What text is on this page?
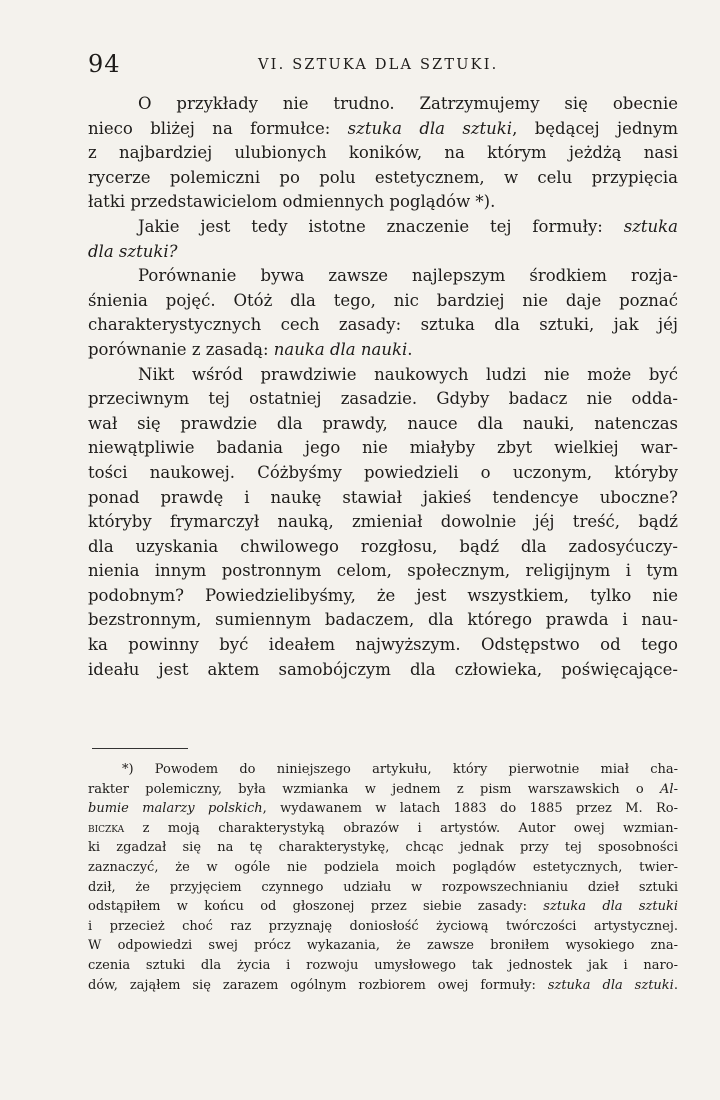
94	VI. SZTUKA DLA SZTUKI.
O przykłady nie trudno. Zatrzymujemy się obecnie
nieco bliżej na formułce: sztuka dla sztuki, będącej jednym
z najbardziej ulubionych koników, na którym jeżdżą nasi
rycerze polemiczni po polu estetycznem, w celu przypięcia
łatki przedstawicielom odmiennych poglądów *).
Jakie jest tedy istotne znaczenie tej formuły: sztuka
dla sztuki?
Porównanie bywa zawsze najlepszym środkiem rozja-
śnienia pojęć. Otóż dla tego, nic bardziej nie daje poznać
charakterystycznych cech zasady: sztuka dla sztuki, jak jéj
porównanie z zasadą: nauka dla nauki.
Nikt wśród prawdziwie naukowych ludzi nie może być
przeciwnym tej ostatniej zasadzie. Gdyby badacz nie odda-
wał się prawdzie dla prawdy, nauce dla nauki, natenczas
niewątpliwie badania jego nie miałyby zbyt wielkiej war-
tości naukowej. Cóżbyśmy powiedzieli o uczonym, któryby
ponad prawdę i naukę stawiał jakieś tendencye uboczne?
któryby frymarczył nauką, zmieniał dowolnie jéj treść, bądź
dla uzyskania chwilowego rozgłosu, bądź dla zadosyćuczy-
nienia innym postronnym celom, społecznym, religijnym i tym
podobnym? Powiedzielibyśmy, że jest wszystkiem, tylko nie
bezstronnym, sumiennym badaczem, dla którego prawda i nau-
ka powinny być ideałem najwyższym. Odstępstwo od tego
ideału jest aktem samobójczym dla człowieka, poświęcające-
*) Powodem do niniejszego artykułu, który pierwotnie miał cha-
rakter polemiczny, była wzmianka w jednem z pism warszawskich o Al-
bumie malarzy polskich, wydawanem w latach 1883 do 1885 przez M. Ro-
biczka z moją charakterystyką obrazów i artystów. Autor owej wzmian-
ki zgadzał się na tę charakterystykę, chcąc jednak przy tej sposobności
zaznaczyć, że w ogóle nie podziela moich poglądów estetycznych, twier-
dził, że przyjęciem czynnego udziału w rozpowszechnianiu dzieł sztuki
odstąpiłem w końcu od głoszonej przez siebie zasady: sztuka dla sztuki
i przecież choć raz przyznaję doniosłość życiową twórczości artystycznej.
W odpowiedzi swej prócz wykazania, że zawsze broniłem wysokiego zna-
czenia sztuki dla życia i rozwoju umysłowego tak jednostek jak i naro-
dów, zająłem się zarazem ogólnym rozbiorem owej formuły: sztuka dla sztuki.
